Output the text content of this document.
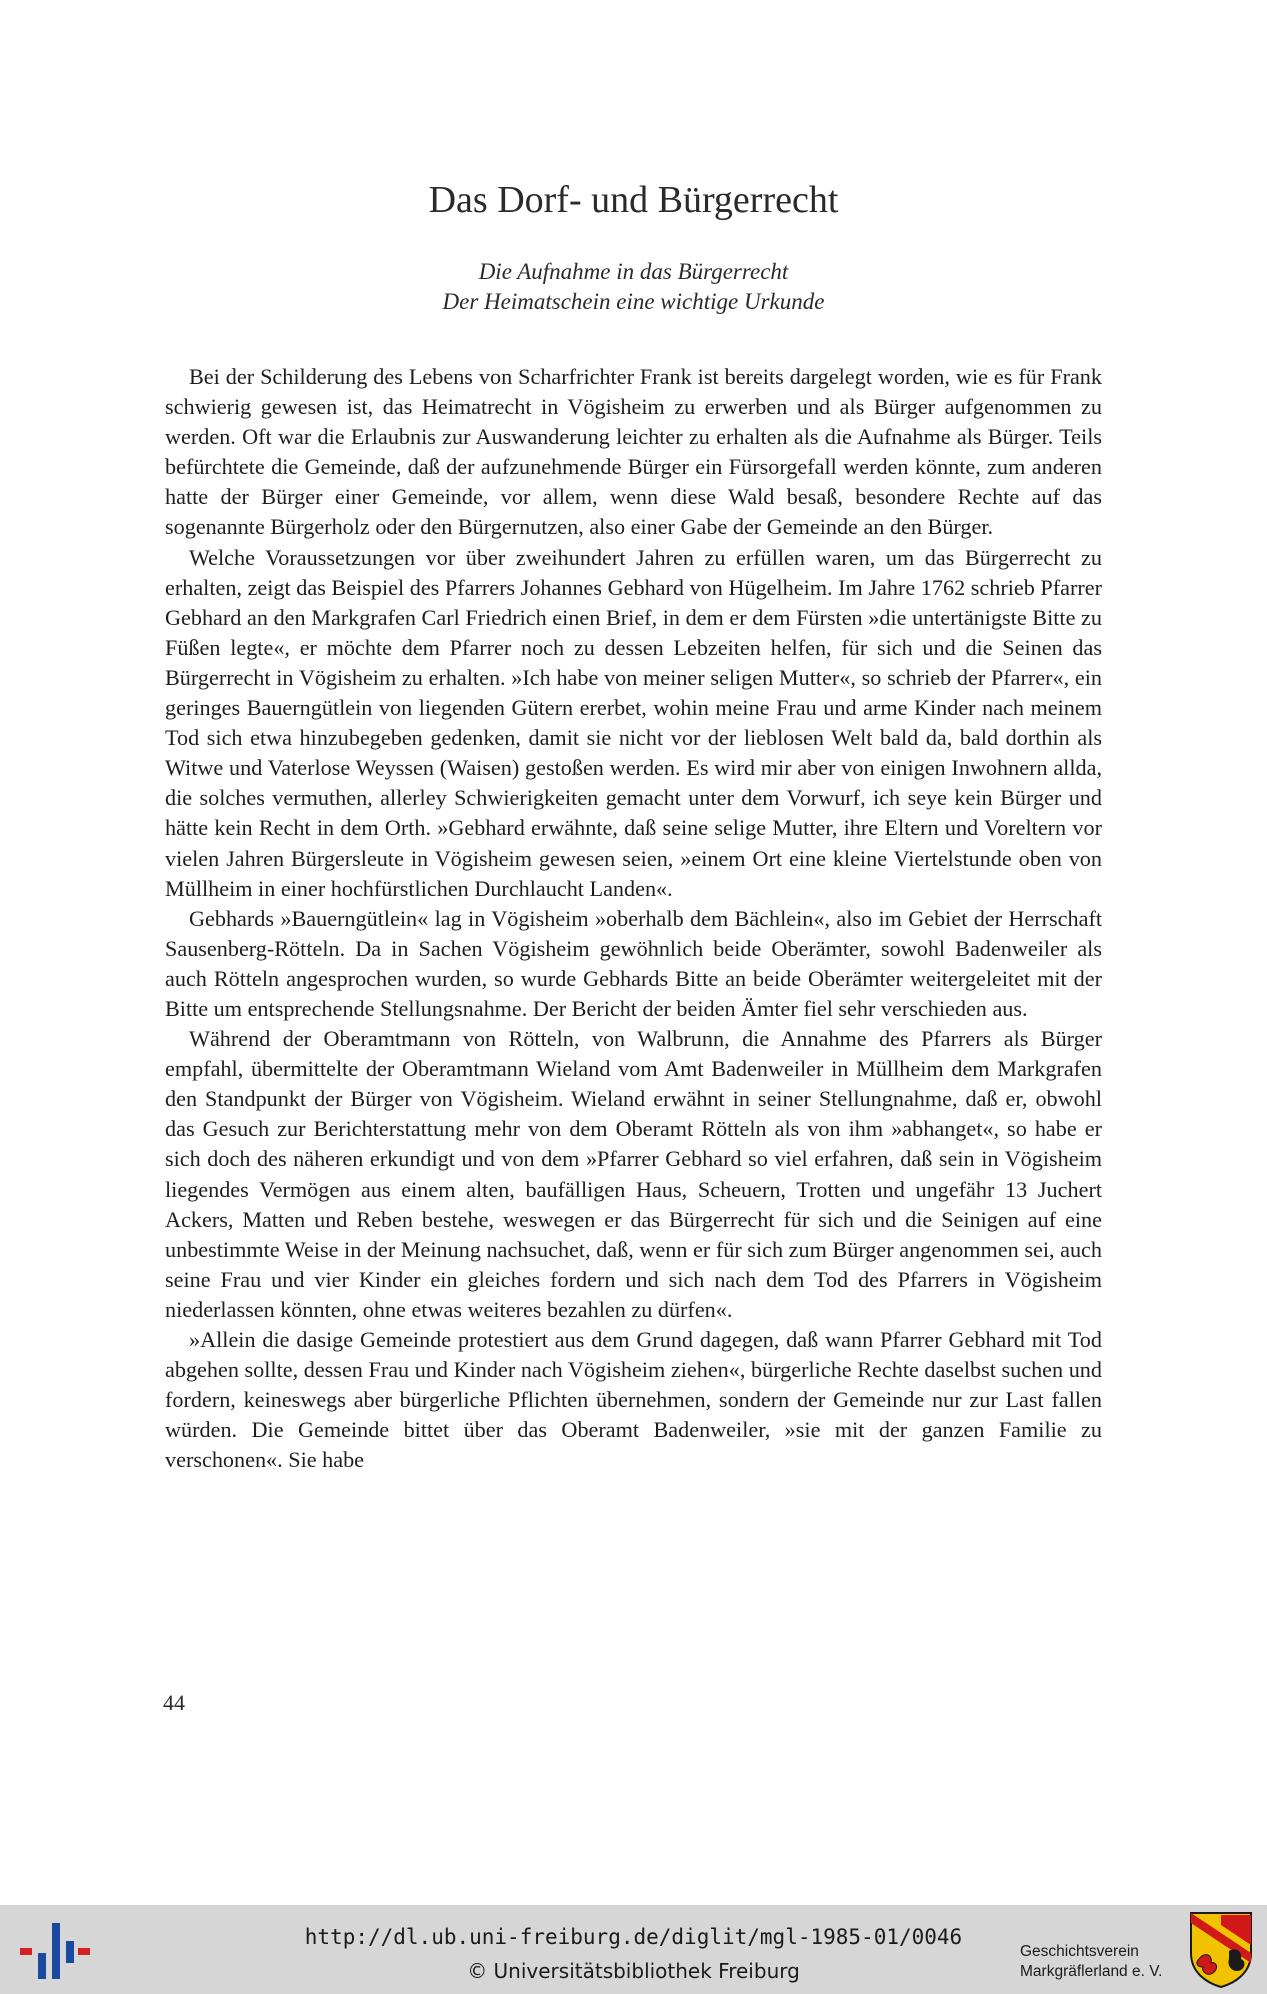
Das Dorf- und Bürgerrecht
Die Aufnahme in das Bürgerrecht
Der Heimatschein eine wichtige Urkunde

Bei der Schilderung des Lebens von Scharfrichter Frank ist bereits dargelegt worden, wie es für Frank schwierig gewesen ist, das Heimatrecht in Vögisheim zu erwerben und als Bürger aufgenommen zu werden. Oft war die Erlaubnis zur Auswanderung leichter zu erhalten als die Aufnahme als Bürger. Teils befürchtete die Gemeinde, daß der aufzunehmende Bürger ein Fürsorgefall werden könnte, zum anderen hatte der Bürger einer Gemeinde, vor allem, wenn diese Wald besaß, besondere Rechte auf das sogenannte Bürgerholz oder den Bürgernutzen, also einer Gabe der Gemeinde an den Bürger.

Welche Voraussetzungen vor über zweihundert Jahren zu erfüllen waren, um das Bürgerrecht zu erhalten, zeigt das Beispiel des Pfarrers Johannes Gebhard von Hügelheim. Im Jahre 1762 schrieb Pfarrer Gebhard an den Markgrafen Carl Friedrich einen Brief, in dem er dem Fürsten »die untertänigste Bitte zu Füßen legte«, er möchte dem Pfarrer noch zu dessen Lebzeiten helfen, für sich und die Seinen das Bürgerrecht in Vögisheim zu erhalten. »Ich habe von meiner seligen Mutter«, so schrieb der Pfarrer«, ein geringes Bauerngütlein von liegenden Gütern ererbet, wohin meine Frau und arme Kinder nach meinem Tod sich etwa hinzubegeben gedenken, damit sie nicht vor der lieblosen Welt bald da, bald dorthin als Witwe und Vaterlose Weyssen (Waisen) gestoßen werden. Es wird mir aber von einigen Inwohnern allda, die solches vermuthen, allerley Schwierigkeiten gemacht unter dem Vorwurf, ich seye kein Bürger und hätte kein Recht in dem Orth. »Gebhard erwähnte, daß seine selige Mutter, ihre Eltern und Voreltern vor vielen Jahren Bürgersleute in Vögisheim gewesen seien, »einem Ort eine kleine Viertelstunde oben von Müllheim in einer hochfürstlichen Durchlaucht Landen«.

Gebhards »Bauerngütlein« lag in Vögisheim »oberhalb dem Bächlein«, also im Gebiet der Herrschaft Sausenberg-Rötteln. Da in Sachen Vögisheim gewöhnlich beide Oberämter, sowohl Badenweiler als auch Rötteln angesprochen wurden, so wurde Gebhards Bitte an beide Oberämter weitergeleitet mit der Bitte um entsprechende Stellungsnahme. Der Bericht der beiden Ämter fiel sehr verschieden aus.

Während der Oberamtmann von Rötteln, von Walbrunn, die Annahme des Pfarrers als Bürger empfahl, übermittelte der Oberamtmann Wieland vom Amt Badenweiler in Müllheim dem Markgrafen den Standpunkt der Bürger von Vögisheim. Wieland erwähnt in seiner Stellungnahme, daß er, obwohl das Gesuch zur Berichterstattung mehr von dem Oberamt Rötteln als von ihm »abhanget«, so habe er sich doch des näheren erkundigt und von dem »Pfarrer Gebhard so viel erfahren, daß sein in Vögisheim liegendes Vermögen aus einem alten, baufälligen Haus, Scheuern, Trotten und ungefähr 13 Juchert Ackers, Matten und Reben bestehe, weswegen er das Bürgerrecht für sich und die Seinigen auf eine unbestimmte Weise in der Meinung nachsuchet, daß, wenn er für sich zum Bürger angenommen sei, auch seine Frau und vier Kinder ein gleiches fordern und sich nach dem Tod des Pfarrers in Vögisheim niederlassen könnten, ohne etwas weiteres bezahlen zu dürfen«.

»Allein die dasige Gemeinde protestiert aus dem Grund dagegen, daß wann Pfarrer Gebhard mit Tod abgehen sollte, dessen Frau und Kinder nach Vögisheim ziehen«, bürgerliche Rechte daselbst suchen und fordern, keineswegs aber bürgerliche Pflichten übernehmen, sondern der Gemeinde nur zur Last fallen würden. Die Gemeinde bittet über das Oberamt Badenweiler, »sie mit der ganzen Familie zu verschonen«. Sie habe

44
http://dl.ub.uni-freiburg.de/diglit/mgl-1985-01/0046
© Universitätsbibliothek Freiburg
Geschichtsverein
Markgräflerland e. V.
